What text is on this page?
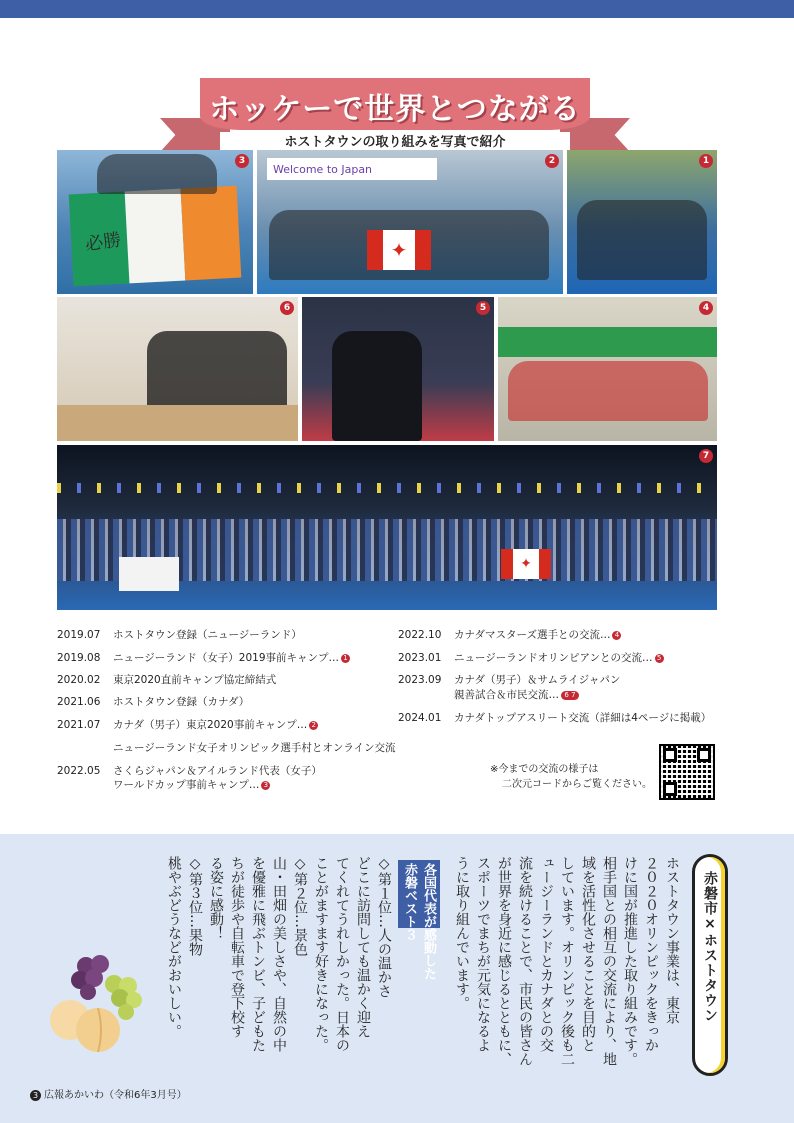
ホッケーで世界とつながる
ホストタウンの取り組みを写真で紹介
必勝
3
Welcome to Japan
✦
2	1
6	5	4
✦
7
2019.07	ホストタウン登録（ニュージーランド）
2019.08	ニュージーランド（女子）2019事前キャンプ… 1
2020.02	東京2020直前キャンプ協定締結式
2021.06	ホストタウン登録（カナダ）
2021.07	カナダ（男子）東京2020事前キャンプ… 2
ニュージーランド女子オリンピック選手村とオンライン交流
2022.05	さくらジャパン＆アイルランド代表（女子）
ワールドカップ事前キャンプ… 3
2022.10	カナダマスターズ選手との交流… 4
2023.01	ニュージーランドオリンピアンとの交流… 5
2023.09	カナダ（男子）＆サムライジャパン
親善試合＆市民交流… 6 7
2024.01	カナダトップアスリート交流（詳細は4ページに掲載）
※今までの交流の様子は
二次元コードからご覧ください。
赤磐市×ホストタウン
ホストタウン事業は、東京
２０２０オリンピックをきっか
けに国が推進した取り組みです。
相手国との相互の交流により、地
域を活性化させることを目的と
しています。オリンピック後も二
ュージーランドとカナダとの交
流を続けることで、市民の皆さん
が世界を身近に感じるとともに、
スポーツでまちが元気になるよ
うに取り組んでいます。
各国代表が感動した
赤磐ベスト３
◇第１位…人の温かさ
どこに訪問しても温かく迎え
てくれてうれしかった。日本の
ことがますます好きになった。
◇第２位…景色
山・田畑の美しさや、自然の中
を優雅に飛ぶトンビ、子どもた
ちが徒歩や自転車で登下校す
る姿に感動！
◇第３位…果物
桃やぶどうなどがおいしい。
3 広報あかいわ（令和6年3月号）
